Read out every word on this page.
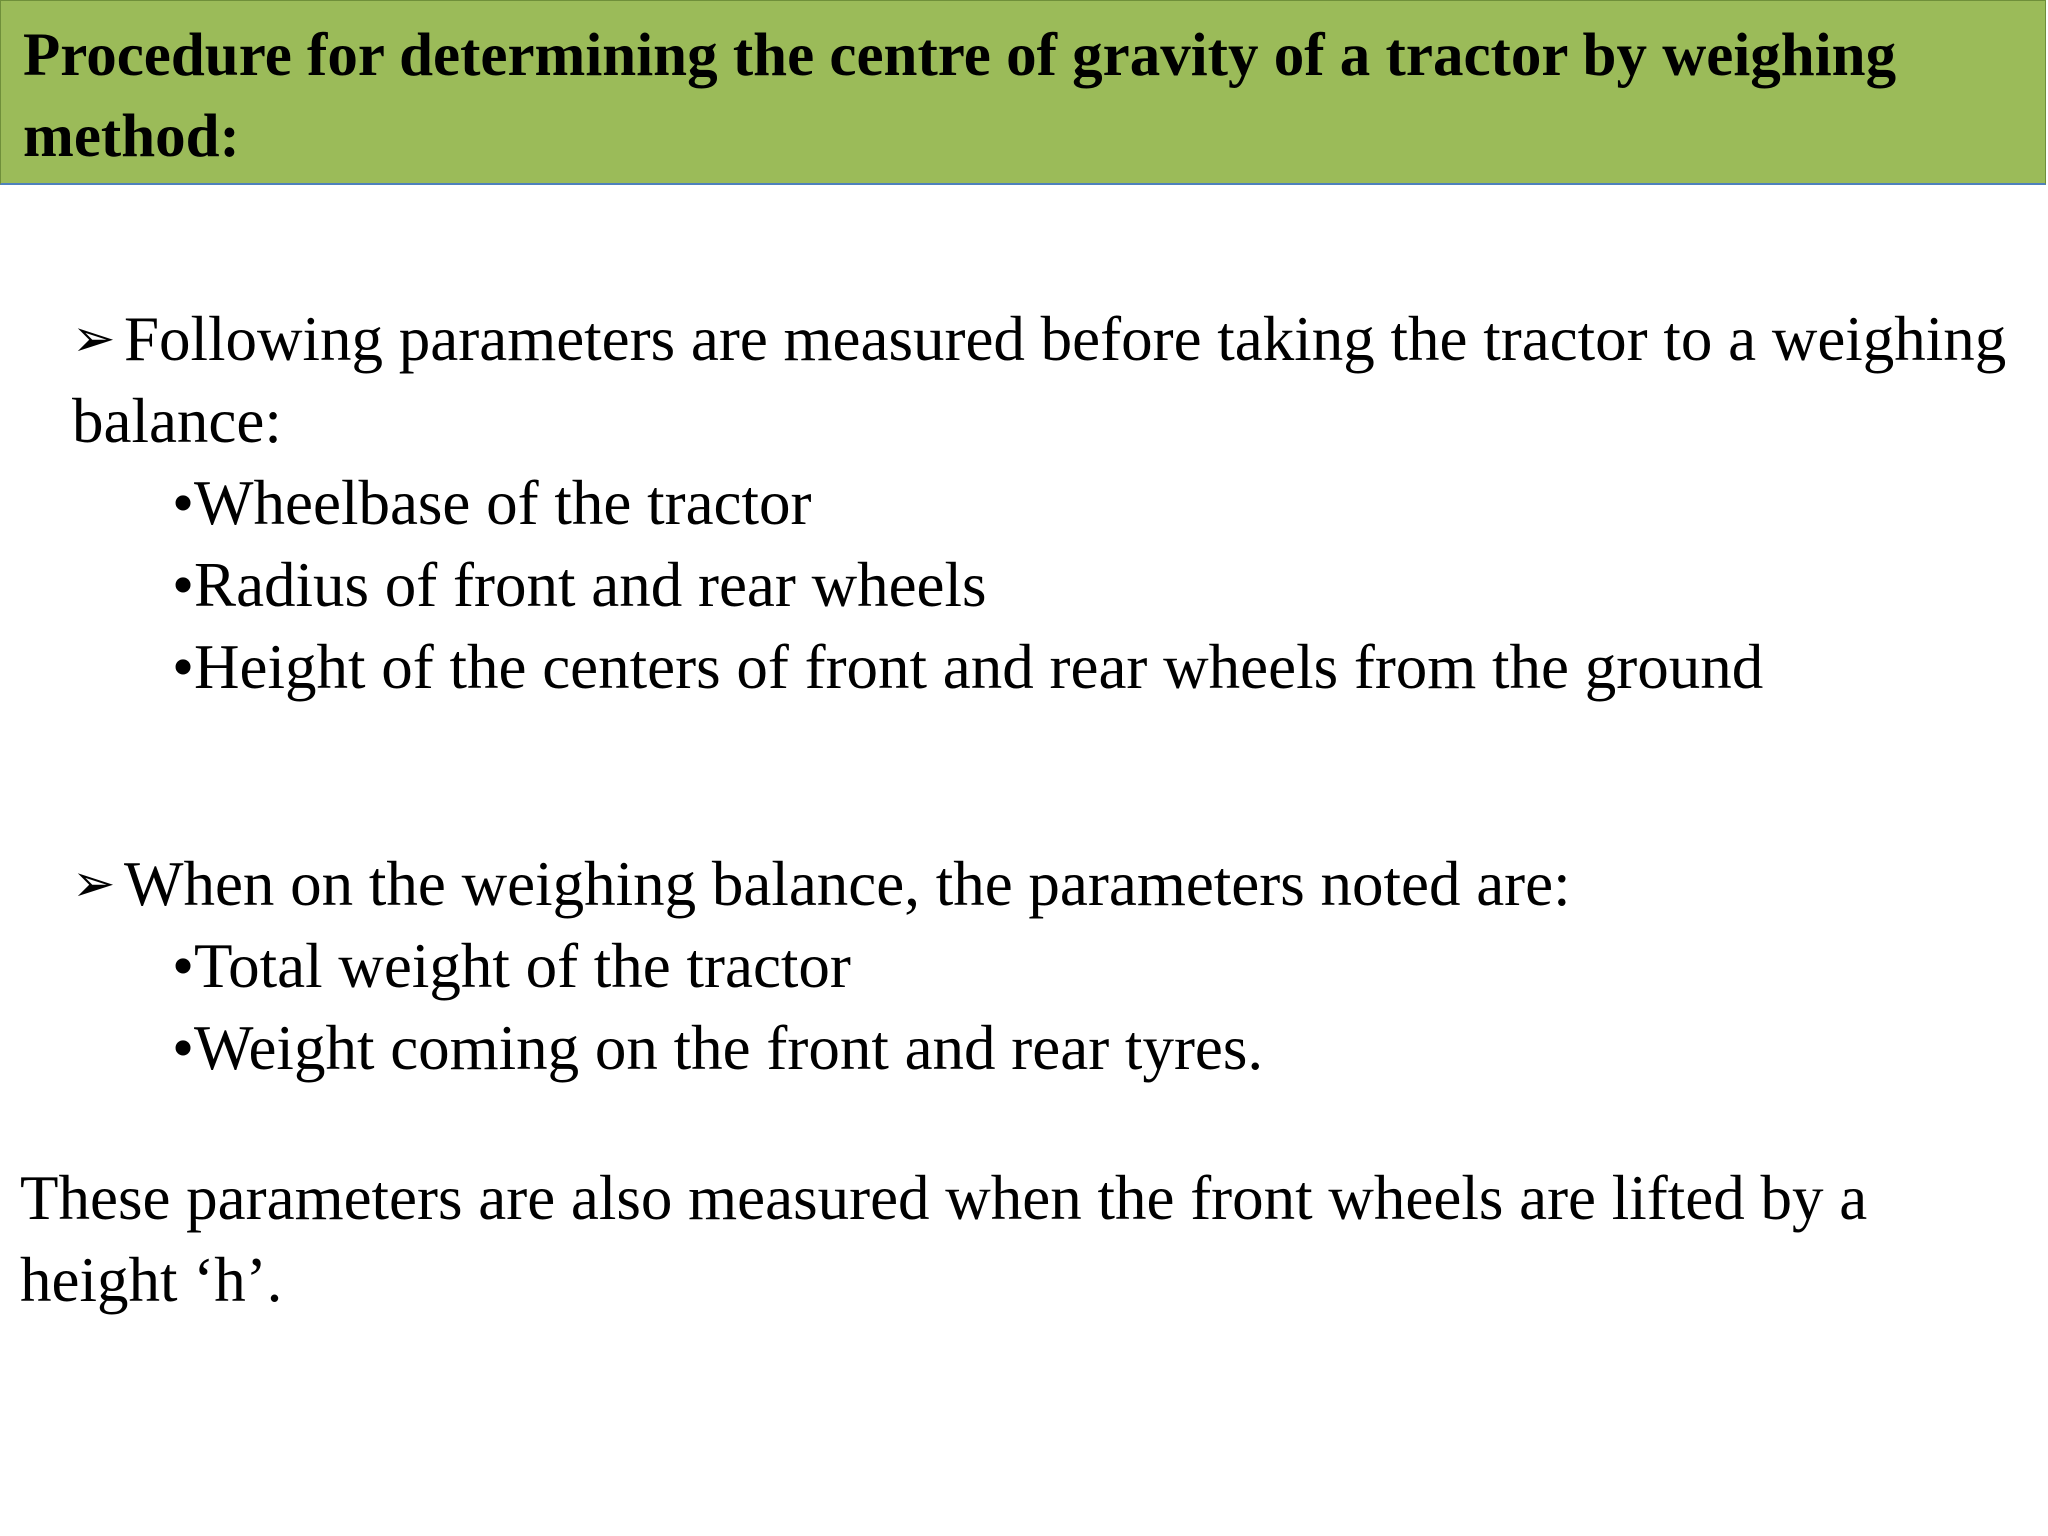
Procedure for determining the centre of gravity of a tractor by weighing method:

➢ Following parameters are measured before taking the tractor to a weighing balance:

•Wheelbase of the tractor
•Radius of front and rear wheels
•Height of the centers of front and rear wheels from the ground

➢ When on the weighing balance, the parameters noted are:

•Total weight of the tractor
•Weight coming on the front and rear tyres.

These parameters are also measured when the front wheels are lifted by a height ‘h’.
